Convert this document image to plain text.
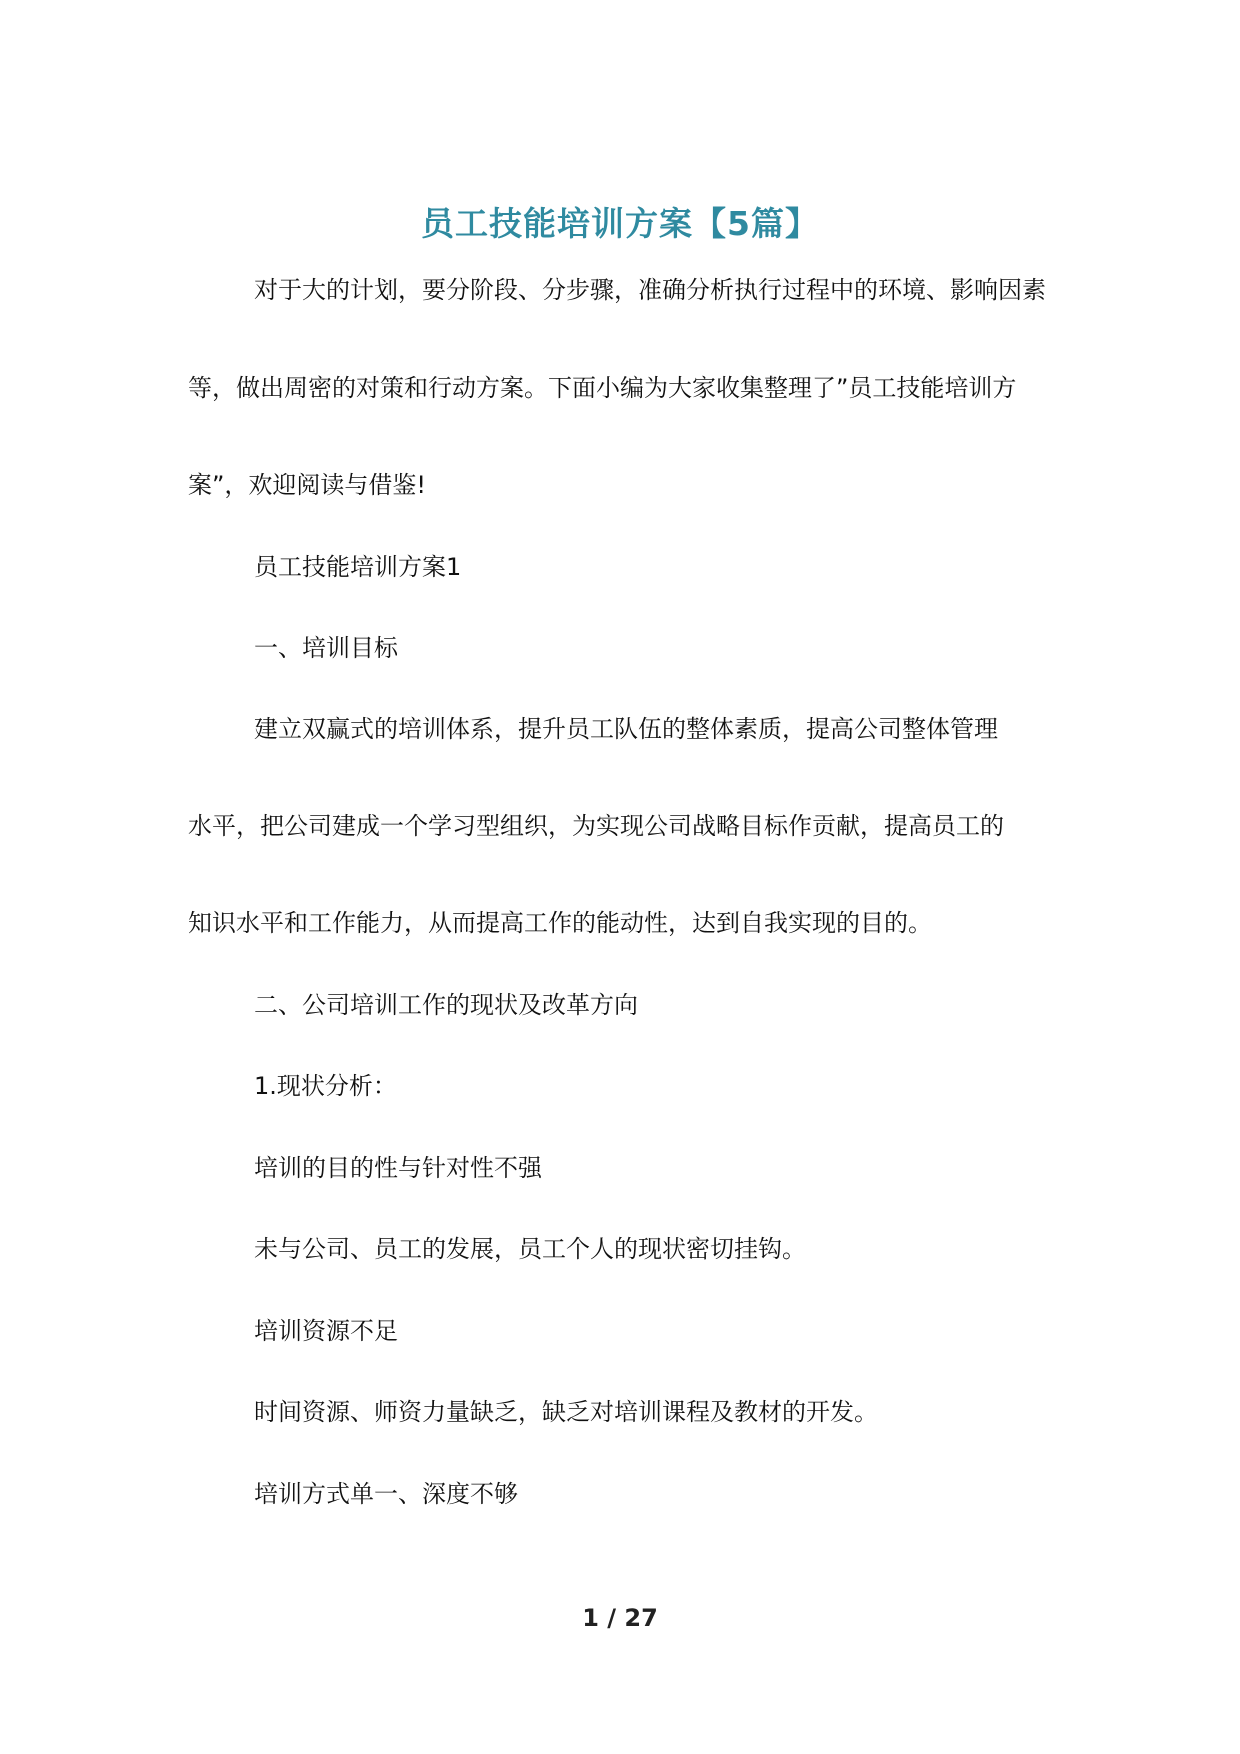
员工技能培训方案【5篇】
对于大的计划，要分阶段、分步骤，准确分析执行过程中的环境、影响因素
等，做出周密的对策和行动方案。下面小编为大家收集整理了”员工技能培训方
案”，欢迎阅读与借鉴!
员工技能培训方案1
一、培训目标
建立双赢式的培训体系，提升员工队伍的整体素质，提高公司整体管理
水平，把公司建成一个学习型组织，为实现公司战略目标作贡献，提高员工的
知识水平和工作能力，从而提高工作的能动性，达到自我实现的目的。
二、公司培训工作的现状及改革方向
1.现状分析：
培训的目的性与针对性不强
未与公司、员工的发展，员工个人的现状密切挂钩。
培训资源不足
时间资源、师资力量缺乏，缺乏对培训课程及教材的开发。
培训方式单一、深度不够
1 / 27
